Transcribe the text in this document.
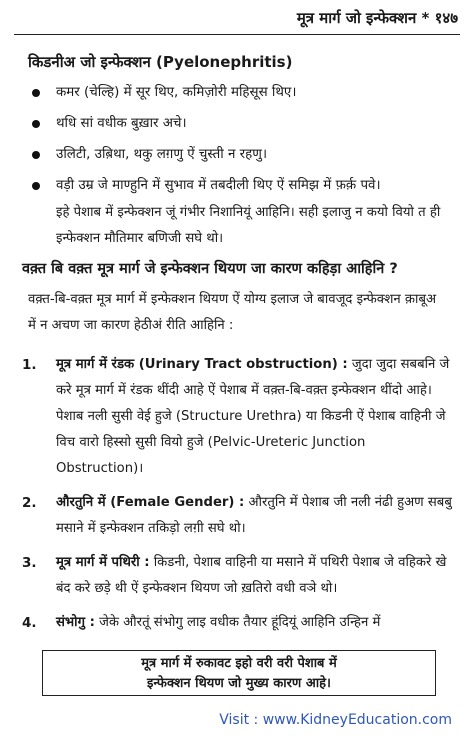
मूत्र मार्ग जो इन्फेक्शन * १४७
किडनीअ जो इन्फेक्शन (Pyelonephritis)
कमर (चेल्हि) में सूर थिए, कमिज़ोरी महिसूस थिए।
थधि सां वधीक बुख़ार अचे।
उलिटी, उब़िथा, थकु लग़णु ऐं चुस्ती न रहणु।
वड़ी उम्र जे माण्हुनि में सुभाव में तबदीली थिए ऐं समिझ में फ़र्क़ पवे।
इहे पेशाब में इन्फेक्शन जूं गंभीर निशानियूं आहिनि। सही इलाजु न कयो वियो त ही इन्फेक्शन मौतिमार बणिजी सघे थो।
वक़्त बि वक़्त मूत्र मार्ग जे इन्फेक्शन थियण जा कारण कहिड़ा आहिनि ?
वक़्त-बि-वक़्त मूत्र मार्ग में इन्फेक्शन थियण ऐं योग्य इलाज जे बावजूद इन्फेक्शन क़ाबूअ में न अचण जा कारण हेठीअं रीति आहिनि :
1. मूत्र मार्ग में रंडक (Urinary Tract obstruction) : जुदा जुदा सबबनि जे करे मूत्र मार्ग में रंडक थींदी आहे ऐं पेशाब में वक़्त-बि-वक़्त इन्फेक्शन थींदो आहे। पेशाब नली सुसी वेई हुजे (Structure Urethra) या किडनी ऐं पेशाब वाहिनी जे विच वारो हिस्सो सुसी वियो हुजे (Pelvic-Ureteric Junction Obstruction)।
2. औरतुनि में (Female Gender) : औरतुनि में पेशाब जी नली नंढी हुअण सबबु मसाने में इन्फेक्शन तकिड़ो लग़ी सघे थो।
3. मूत्र मार्ग में पथिरी : किडनी, पेशाब वाहिनी या मसाने में पथिरी पेशाब जे वहिकरे खे बंद करे छड़े थी ऐं इन्फेक्शन थियण जो ख़तिरो वधी वञे थो।
4. संभोगु : जेके औरतूं संभोगु लाइ वधीक तैयार हूंदियूं आहिनि उन्हिन में
मूत्र मार्ग में रुकावट इहो वरी वरी पेशाब में
इन्फेक्शन थियण जो मुख्य कारण आहे।
Visit : www.KidneyEducation.com
